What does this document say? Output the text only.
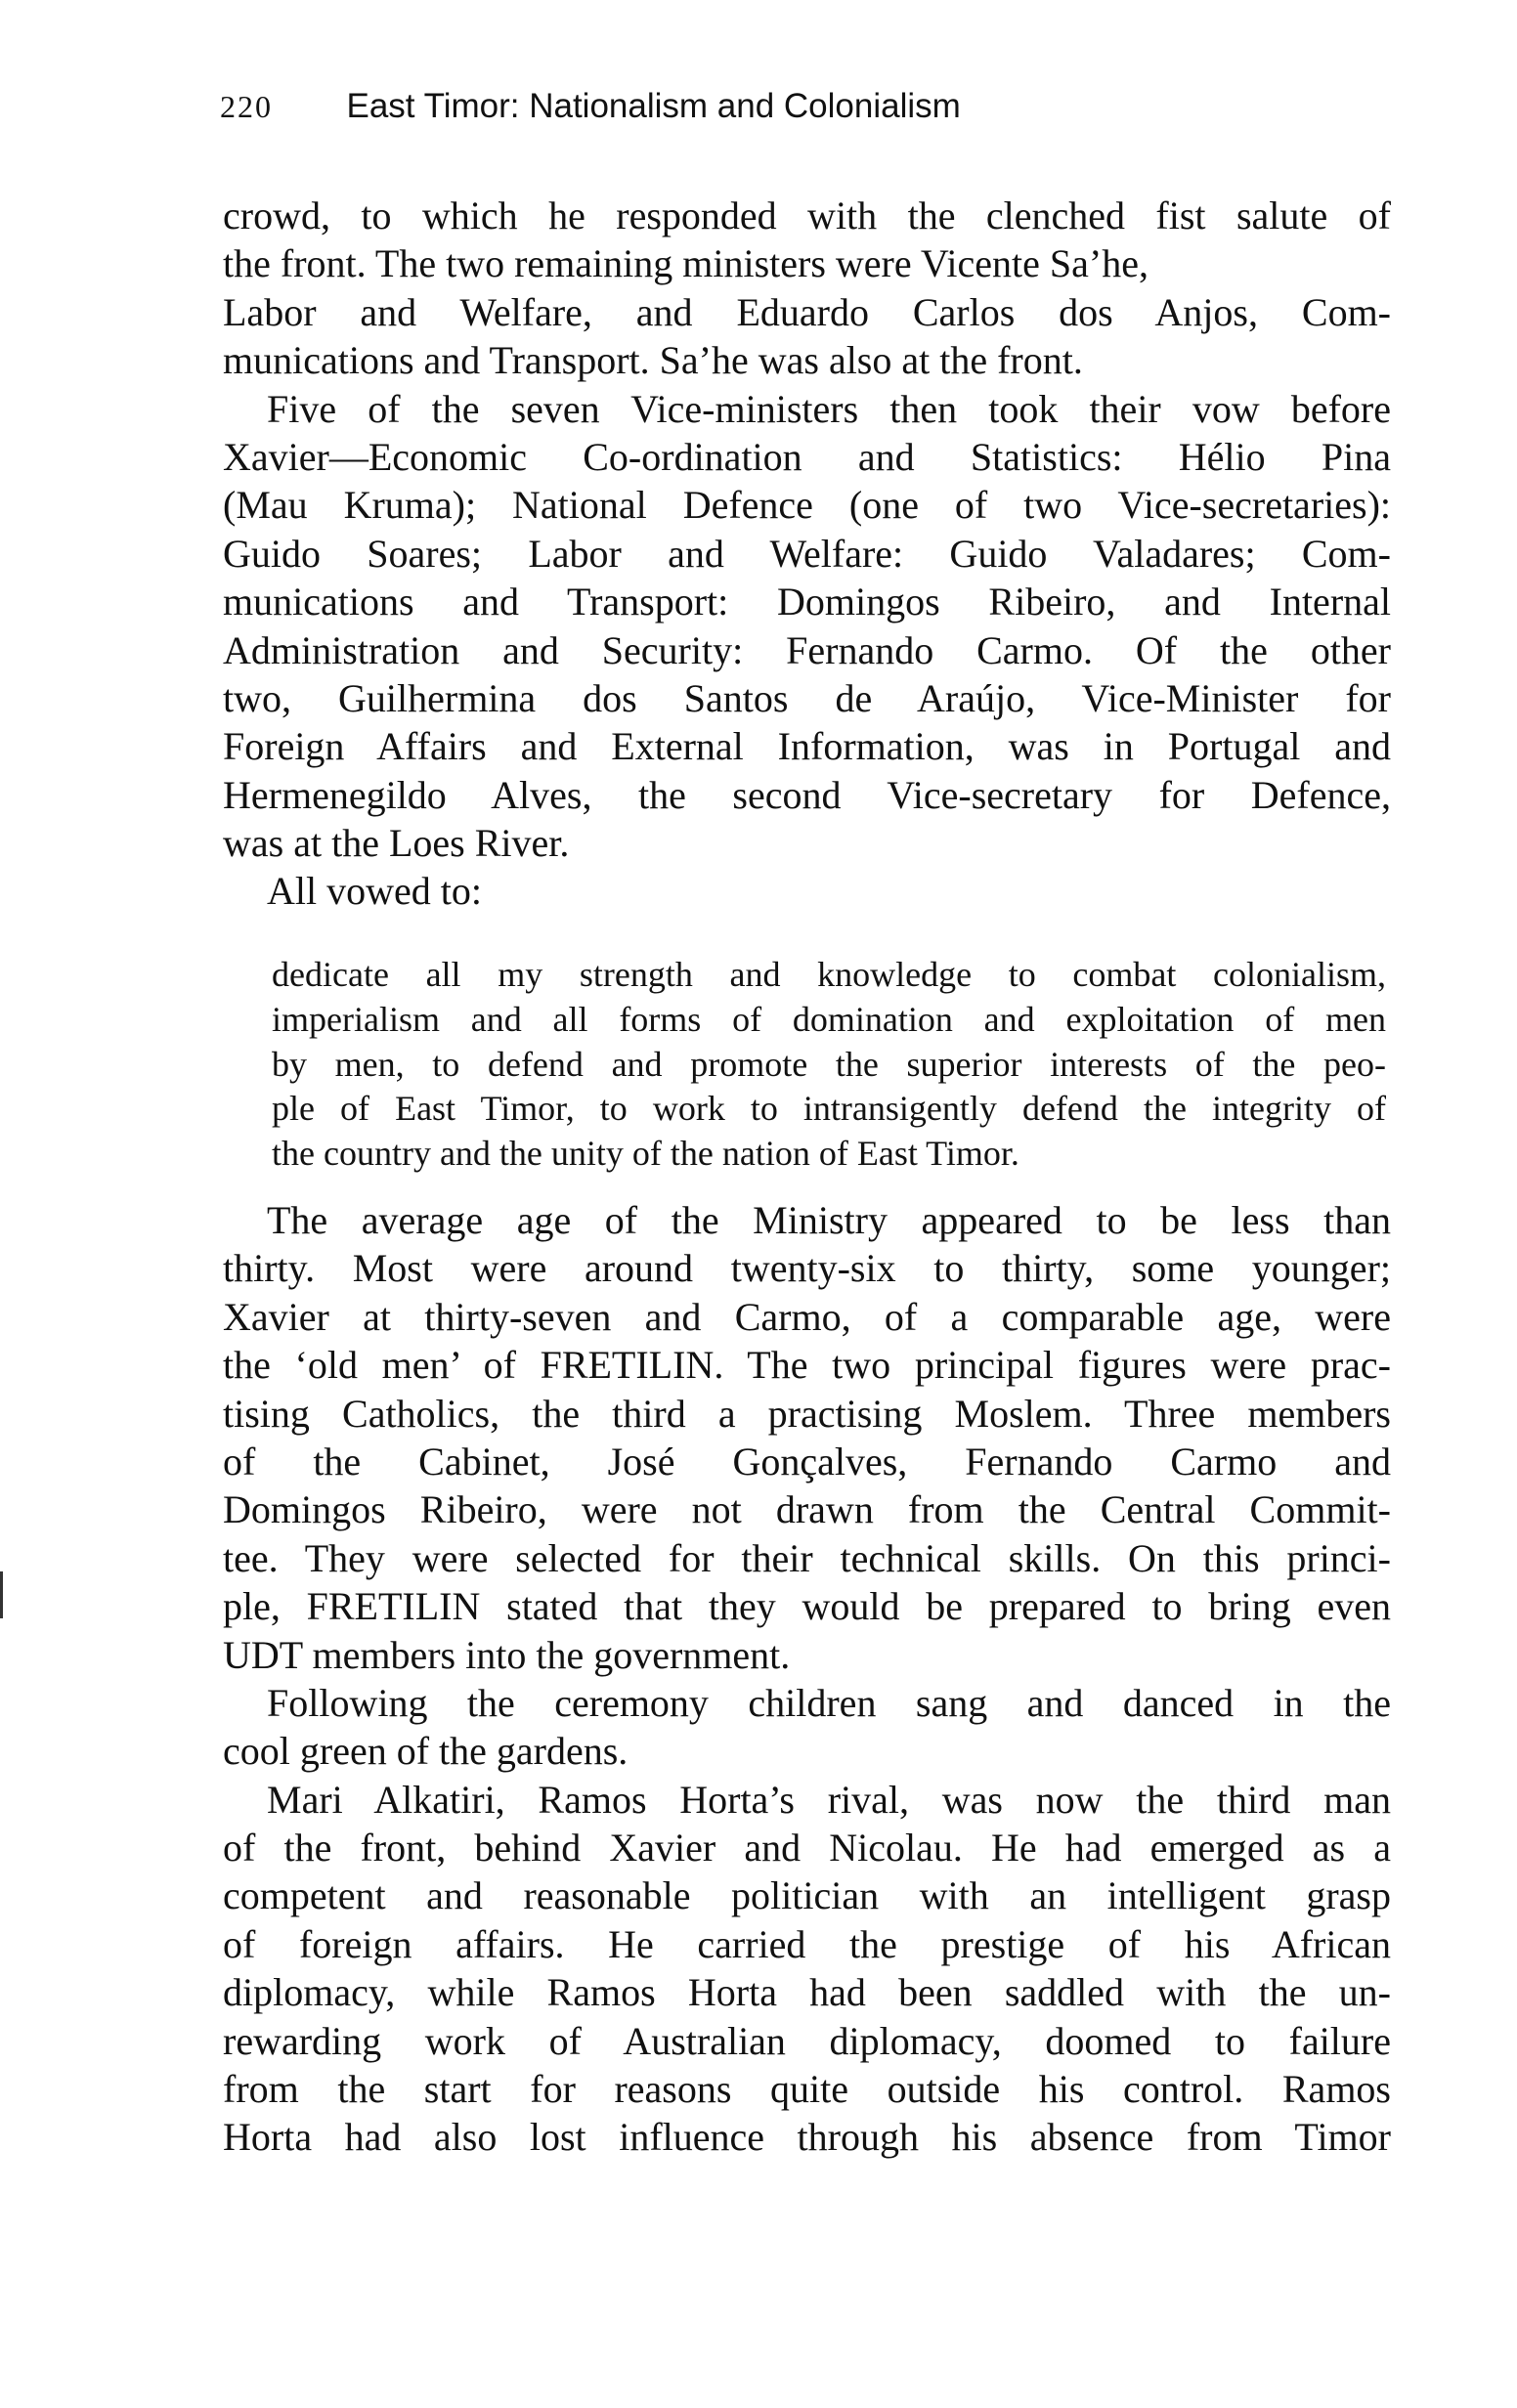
220 East Timor: Nationalism and Colonialism
crowd, to which he responded with the clenched fist salute of
the front. The two remaining ministers were Vicente Sa’he,
Labor and Welfare, and Eduardo Carlos dos Anjos, Com-
munications and Transport. Sa’he was also at the front.
Five of the seven Vice-ministers then took their vow before
Xavier—Economic Co-ordination and Statistics: Hélio Pina
(Mau Kruma); National Defence (one of two Vice-secretaries):
Guido Soares; Labor and Welfare: Guido Valadares; Com-
munications and Transport: Domingos Ribeiro, and Internal
Administration and Security: Fernando Carmo. Of the other
two, Guilhermina dos Santos de Araújo, Vice-Minister for
Foreign Affairs and External Information, was in Portugal and
Hermenegildo Alves, the second Vice-secretary for Defence,
was at the Loes River.
All vowed to:
dedicate all my strength and knowledge to combat colonialism,
imperialism and all forms of domination and exploitation of men
by men, to defend and promote the superior interests of the peo-
ple of East Timor, to work to intransigently defend the integrity of
the country and the unity of the nation of East Timor.
The average age of the Ministry appeared to be less than
thirty. Most were around twenty-six to thirty, some younger;
Xavier at thirty-seven and Carmo, of a comparable age, were
the ‘old men’ of FRETILIN. The two principal figures were prac-
tising Catholics, the third a practising Moslem. Three members
of the Cabinet, José Gonçalves, Fernando Carmo and
Domingos Ribeiro, were not drawn from the Central Commit-
tee. They were selected for their technical skills. On this princi-
ple, FRETILIN stated that they would be prepared to bring even
UDT members into the government.
Following the ceremony children sang and danced in the
cool green of the gardens.
Mari Alkatiri, Ramos Horta’s rival, was now the third man
of the front, behind Xavier and Nicolau. He had emerged as a
competent and reasonable politician with an intelligent grasp
of foreign affairs. He carried the prestige of his African
diplomacy, while Ramos Horta had been saddled with the un-
rewarding work of Australian diplomacy, doomed to failure
from the start for reasons quite outside his control. Ramos
Horta had also lost influence through his absence from Timor
